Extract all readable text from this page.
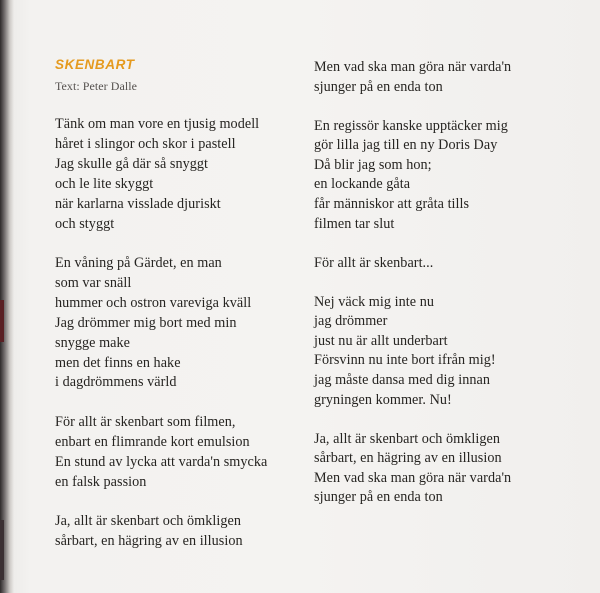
SKENBART
Text: Peter Dalle
Tänk om man vore en tjusig modell
håret i slingor och skor i pastell
Jag skulle gå där så snyggt
och le lite skyggt
när karlarna visslade djuriskt
och styggt
En våning på Gärdet, en man
som var snäll
hummer och ostron vareviga kväll
Jag drömmer mig bort med min
snygge make
men det finns en hake
i dagdrömmens värld
För allt är skenbart som filmen,
enbart en flimrande kort emulsion
En stund av lycka att varda'n smycka
en falsk passion
Ja, allt är skenbart och ömkligen
sårbart, en hägring av en illusion
Men vad ska man göra när varda'n
sjunger på en enda ton
En regissör kanske upptäcker mig
gör lilla jag till en ny Doris Day
Då blir jag som hon;
en lockande gåta
får människor att gråta tills
filmen tar slut
För allt är skenbart...
Nej väck mig inte nu
jag drömmer
just nu är allt underbart
Försvinn nu inte bort ifrån mig!
jag måste dansa med dig innan
gryningen kommer. Nu!
Ja, allt är skenbart och ömkligen
sårbart, en hägring av en illusion
Men vad ska man göra när varda'n
sjunger på en enda ton
